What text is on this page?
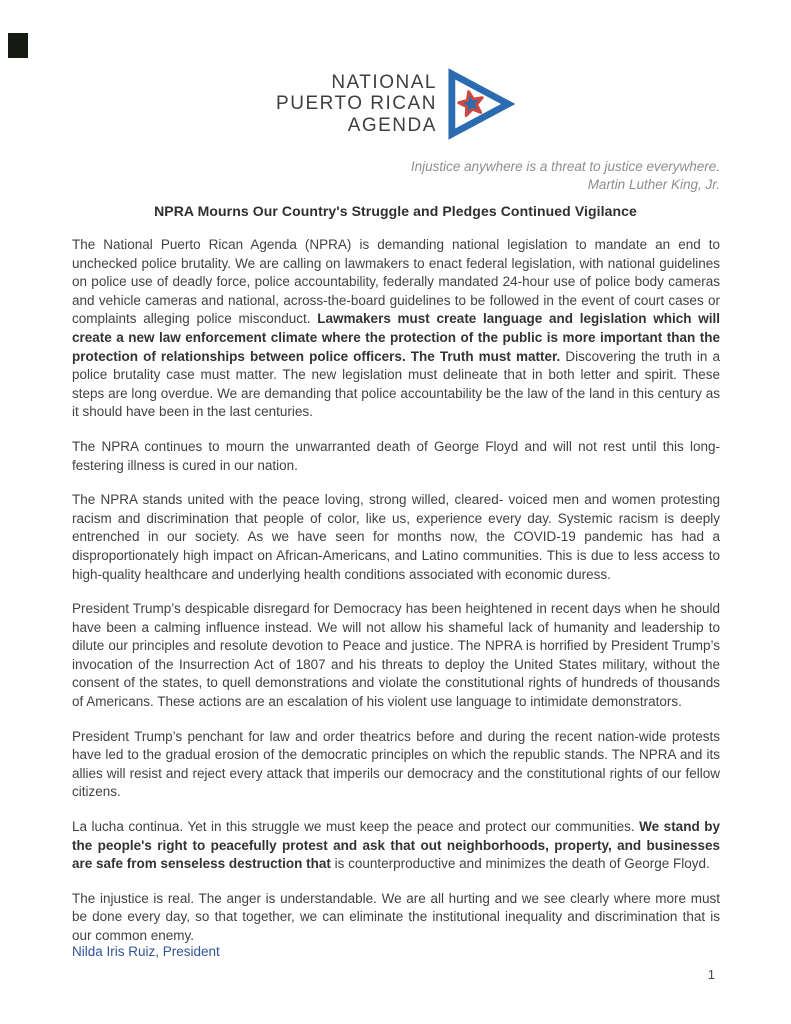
NATIONAL
PUERTO RICAN
AGENDA
Injustice anywhere is a threat to justice everywhere.
Martin Luther King, Jr.
NPRA Mourns Our Country's Struggle and Pledges Continued Vigilance

The National Puerto Rican Agenda (NPRA) is demanding national legislation to mandate an end to unchecked police brutality. We are calling on lawmakers to enact federal legislation, with national guidelines on police use of deadly force, police accountability, federally mandated 24-hour use of police body cameras and vehicle cameras and national, across-the-board guidelines to be followed in the event of court cases or complaints alleging police misconduct. Lawmakers must create language and legislation which will create a new law enforcement climate where the protection of the public is more important than the protection of relationships between police officers. The Truth must matter. Discovering the truth in a police brutality case must matter. The new legislation must delineate that in both letter and spirit. These steps are long overdue. We are demanding that police accountability be the law of the land in this century as it should have been in the last centuries.

The NPRA continues to mourn the unwarranted death of George Floyd and will not rest until this long-festering illness is cured in our nation.

The NPRA stands united with the peace loving, strong willed, cleared- voiced men and women protesting racism and discrimination that people of color, like us, experience every day. Systemic racism is deeply entrenched in our society. As we have seen for months now, the COVID-19 pandemic has had a disproportionately high impact on African-Americans, and Latino communities. This is due to less access to high-quality healthcare and underlying health conditions associated with economic duress.

President Trump’s despicable disregard for Democracy has been heightened in recent days when he should have been a calming influence instead. We will not allow his shameful lack of humanity and leadership to dilute our principles and resolute devotion to Peace and justice. The NPRA is horrified by President Trump’s invocation of the Insurrection Act of 1807 and his threats to deploy the United States military, without the consent of the states, to quell demonstrations and violate the constitutional rights of hundreds of thousands of Americans. These actions are an escalation of his violent use language to intimidate demonstrators.

President Trump’s penchant for law and order theatrics before and during the recent nation-wide protests have led to the gradual erosion of the democratic principles on which the republic stands. The NPRA and its allies will resist and reject every attack that imperils our democracy and the constitutional rights of our fellow citizens.

La lucha continua. Yet in this struggle we must keep the peace and protect our communities. We stand by the people's right to peacefully protest and ask that out neighborhoods, property, and businesses are safe from senseless destruction that is counterproductive and minimizes the death of George Floyd.

The injustice is real. The anger is understandable. We are all hurting and we see clearly where more must be done every day, so that together, we can eliminate the institutional inequality and discrimination that is our common enemy.

Nilda Iris Ruiz, President
1
